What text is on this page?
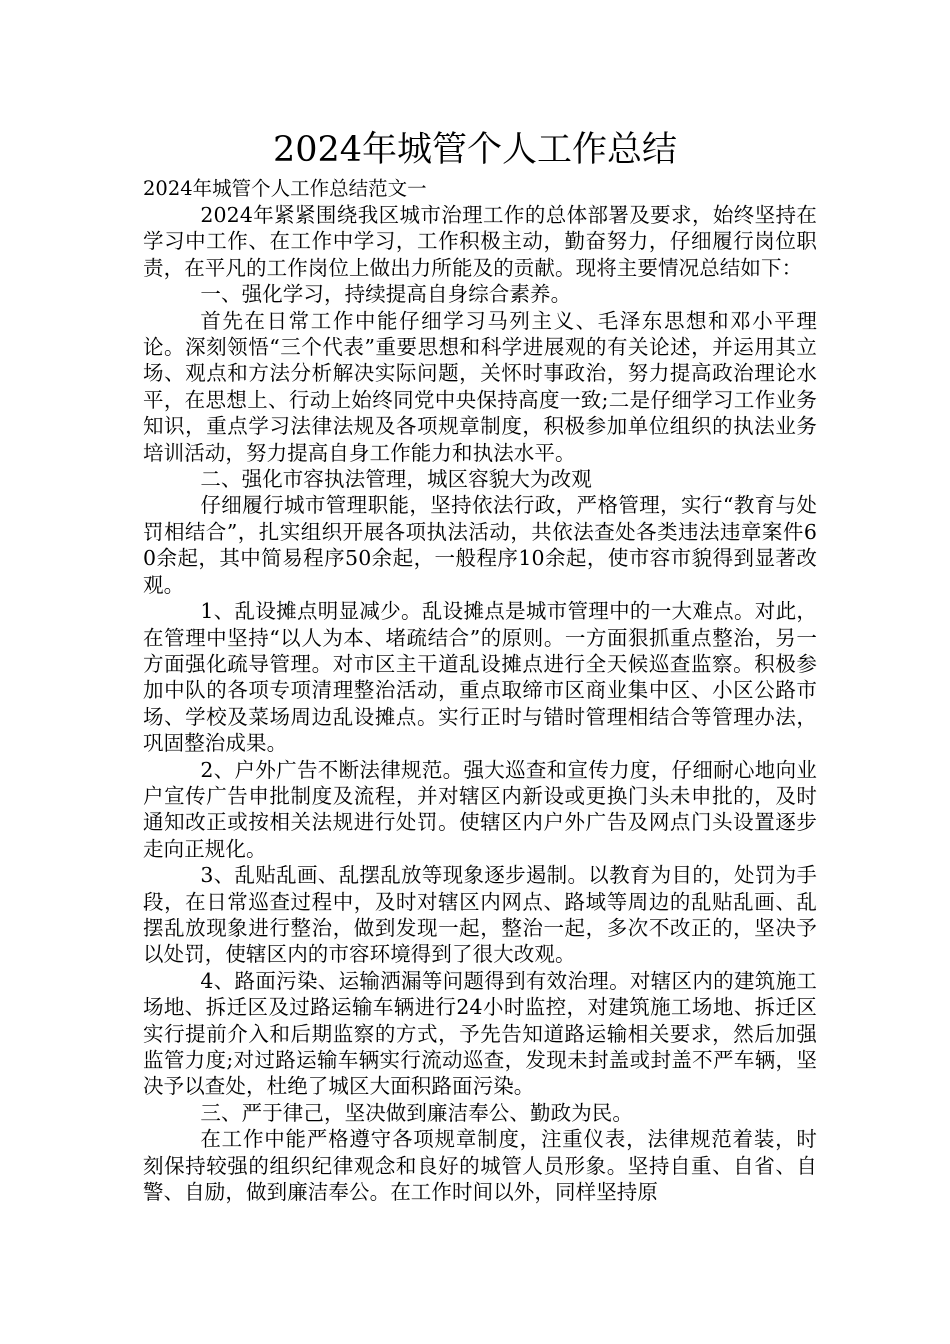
2024年城管个人工作总结

2024年城管个人工作总结范文一

2024年紧紧围绕我区城市治理工作的总体部署及要求，始终坚持在学习中工作、在工作中学习，工作积极主动，勤奋努力，仔细履行岗位职责，在平凡的工作岗位上做出力所能及的贡献。现将主要情况总结如下：

一、强化学习，持续提高自身综合素养。

首先在日常工作中能仔细学习马列主义、毛泽东思想和邓小平理论。深刻领悟“三个代表”重要思想和科学进展观的有关论述，并运用其立场、观点和方法分析解决实际问题，关怀时事政治，努力提高政治理论水平，在思想上、行动上始终同党中央保持高度一致;二是仔细学习工作业务知识，重点学习法律法规及各项规章制度，积极参加单位组织的执法业务培训活动，努力提高自身工作能力和执法水平。

二、强化市容执法管理，城区容貌大为改观

仔细履行城市管理职能，坚持依法行政，严格管理，实行“教育与处罚相结合”，扎实组织开展各项执法活动，共依法查处各类违法违章案件60余起，其中简易程序50余起，一般程序10余起，使市容市貌得到显著改观。

1、乱设摊点明显减少。乱设摊点是城市管理中的一大难点。对此，在管理中坚持“以人为本、堵疏结合”的原则。一方面狠抓重点整治，另一方面强化疏导管理。对市区主干道乱设摊点进行全天候巡查监察。积极参加中队的各项专项清理整治活动，重点取缔市区商业集中区、小区公路市场、学校及菜场周边乱设摊点。实行正时与错时管理相结合等管理办法，巩固整治成果。

2、户外广告不断法律规范。强大巡查和宣传力度，仔细耐心地向业户宣传广告申批制度及流程，并对辖区内新设或更换门头未申批的，及时通知改正或按相关法规进行处罚。使辖区内户外广告及网点门头设置逐步走向正规化。

3、乱贴乱画、乱摆乱放等现象逐步遏制。以教育为目的，处罚为手段，在日常巡查过程中，及时对辖区内网点、路域等周边的乱贴乱画、乱摆乱放现象进行整治，做到发现一起，整治一起，多次不改正的，坚决予以处罚，使辖区内的市容环境得到了很大改观。

4、路面污染、运输洒漏等问题得到有效治理。对辖区内的建筑施工场地、拆迁区及过路运输车辆进行24小时监控，对建筑施工场地、拆迁区实行提前介入和后期监察的方式，予先告知道路运输相关要求，然后加强监管力度;对过路运输车辆实行流动巡查，发现未封盖或封盖不严车辆，坚决予以查处，杜绝了城区大面积路面污染。

三、严于律己，坚决做到廉洁奉公、勤政为民。

在工作中能严格遵守各项规章制度，注重仪表，法律规范着装，时刻保持较强的组织纪律观念和良好的城管人员形象。坚持自重、自省、自警、自励，做到廉洁奉公。在工作时间以外，同样坚持原
